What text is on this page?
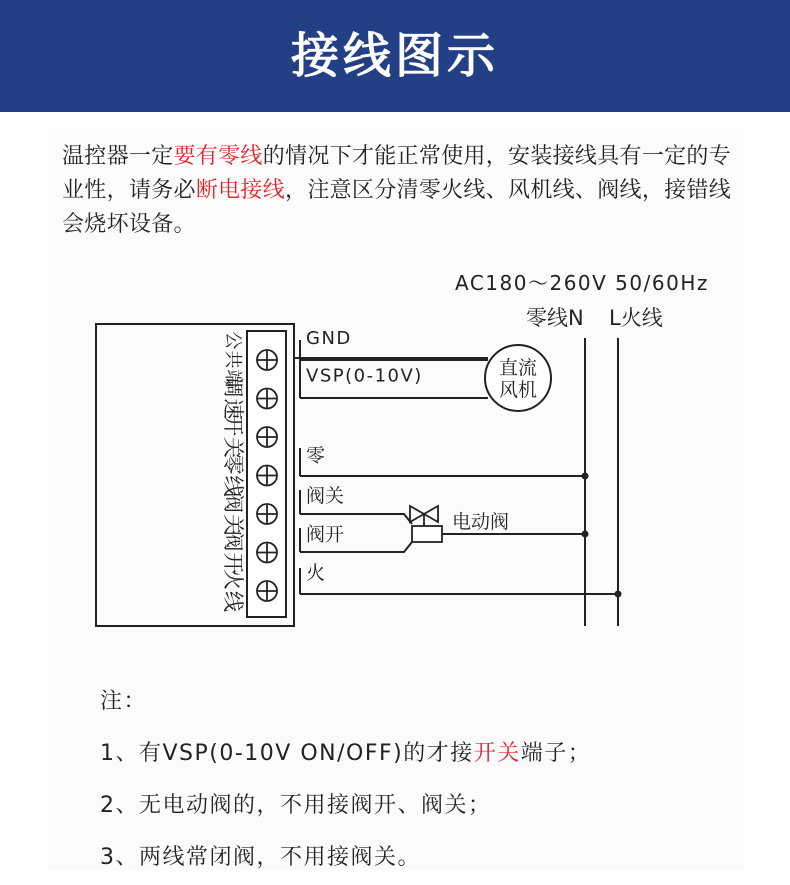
接线图示
温控器一定要有零线的情况下才能正常使用，安装接线具有一定的专业性，请务必断电接线，注意区分清零火线、风机线、阀线，接错线会烧坏设备。
AC180～260V 50/60Hz
零线N L火线
公共端
调速
开关
零线
阀关
阀开
火线
GND
VSP(0-10V)
零
阀关
阀开
火
直流
风机
电动阀
注：
1、有VSP(0-10V ON/OFF)的才接开关端子；
2、无电动阀的，不用接阀开、阀关；
3、两线常闭阀，不用接阀关。
